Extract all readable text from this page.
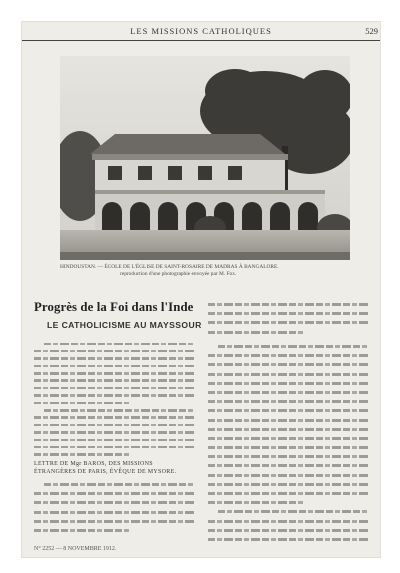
LES MISSIONS CATHOLIQUES	529
HINDOUSTAN. — ÉCOLE DE L'ÉGLISE DE SAINT-ROSAIRE DE MADRAS À BANGALORE.
reproduction d'une photographie envoyée par M. Fox.
Progrès de la Foi dans l'Inde
LE CATHOLICISME AU MAYSSOUR
LETTRE DE Mgr BAROS, DES MISSIONS ÉTRANGÈRES DE PARIS, ÉVÊQUE DE MYSORE.
N° 2252 — 8 NOVEMBRE 1912.
